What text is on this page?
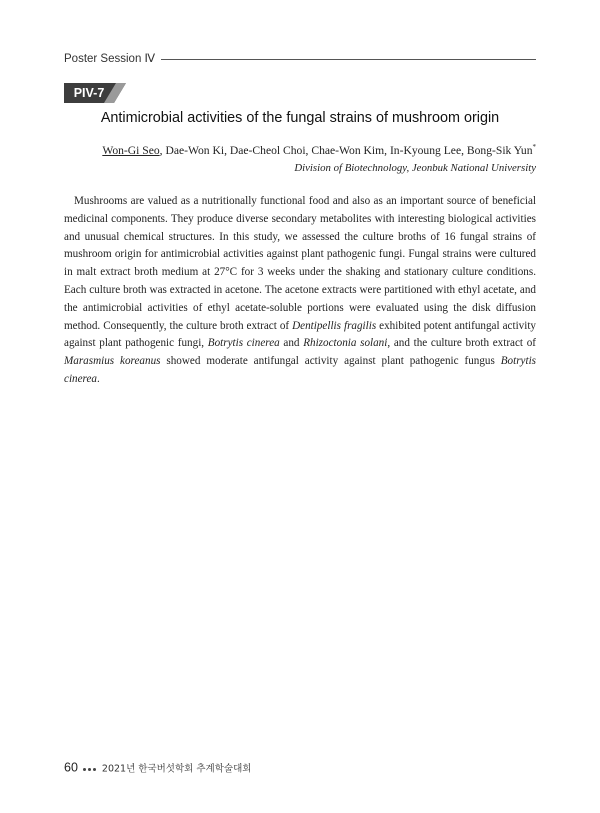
Poster Session Ⅳ
PIV-7
Antimicrobial activities of the fungal strains of mushroom origin
Won-Gi Seo, Dae-Won Ki, Dae-Cheol Choi, Chae-Won Kim, In-Kyoung Lee, Bong-Sik Yun*
Division of Biotechnology, Jeonbuk National University

Mushrooms are valued as a nutritionally functional food and also as an important source of beneficial medicinal components. They produce diverse secondary metabolites with interesting biological activities and unusual chemical structures. In this study, we assessed the culture broths of 16 fungal strains of mushroom origin for antimicrobial activities against plant pathogenic fungi. Fungal strains were cultured in malt extract broth medium at 27°C for 3 weeks under the shaking and stationary culture conditions. Each culture broth was extracted in acetone. The acetone extracts were partitioned with ethyl acetate, and the antimicrobial activities of ethyl acetate-soluble portions were evaluated using the disk diffusion method. Consequently, the culture broth extract of Dentipellis fragilis exhibited potent antifungal activity against plant pathogenic fungi, Botrytis cinerea and Rhizoctonia solani, and the culture broth extract of Marasmius koreanus showed moderate antifungal activity against plant pathogenic fungus Botrytis cinerea.

60	2021년 한국버섯학회 추계학술대회
